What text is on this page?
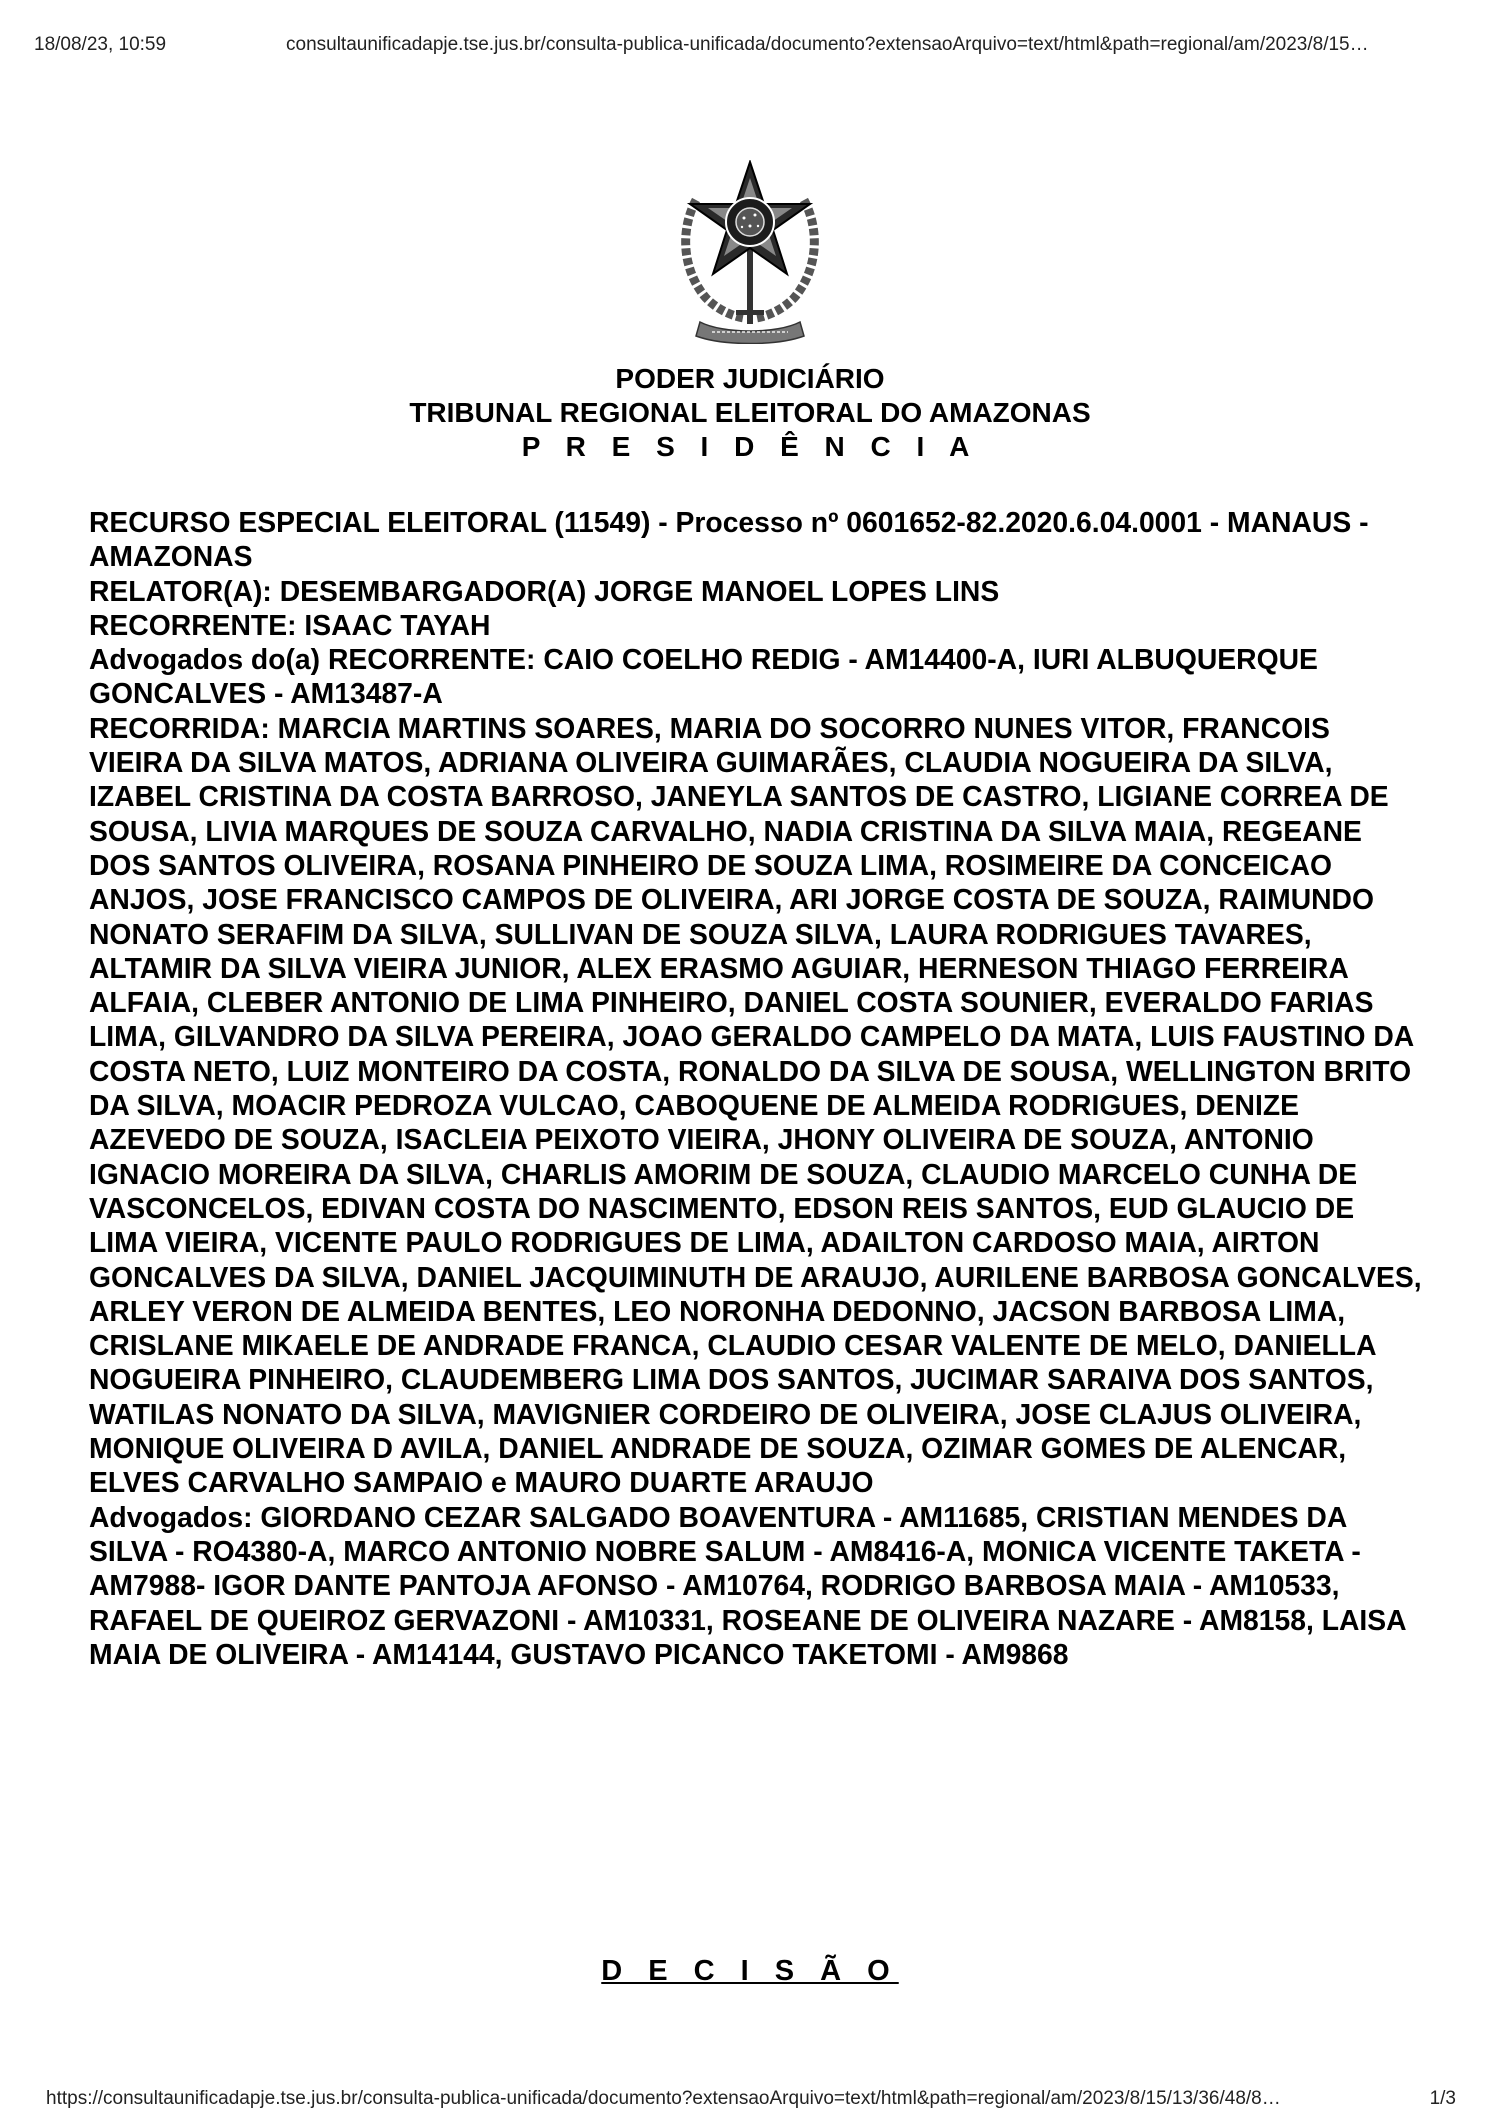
18/08/23, 10:59	consultaunificadapje.tse.jus.br/consulta-publica-unificada/documento?extensaoArquivo=text/html&path=regional/am/2023/8/15…
PODER JUDICIÁRIO
TRIBUNAL REGIONAL ELEITORAL DO AMAZONAS
P R E S I D Ê N C I A

RECURSO ESPECIAL ELEITORAL (11549) - Processo nº 0601652-82.2020.6.04.0001 - MANAUS - AMAZONAS

RELATOR(A): DESEMBARGADOR(A) JORGE MANOEL LOPES LINS

RECORRENTE: ISAAC TAYAH

Advogados do(a) RECORRENTE: CAIO COELHO REDIG - AM14400-A, IURI ALBUQUERQUE GONCALVES - AM13487-A

RECORRIDA: MARCIA MARTINS SOARES, MARIA DO SOCORRO NUNES VITOR, FRANCOIS VIEIRA DA SILVA MATOS, ADRIANA OLIVEIRA GUIMARÃES, CLAUDIA NOGUEIRA DA SILVA, IZABEL CRISTINA DA COSTA BARROSO, JANEYLA SANTOS DE CASTRO, LIGIANE CORREA DE SOUSA, LIVIA MARQUES DE SOUZA CARVALHO, NADIA CRISTINA DA SILVA MAIA, REGEANE DOS SANTOS OLIVEIRA, ROSANA PINHEIRO DE SOUZA LIMA, ROSIMEIRE DA CONCEICAO ANJOS, JOSE FRANCISCO CAMPOS DE OLIVEIRA, ARI JORGE COSTA DE SOUZA, RAIMUNDO NONATO SERAFIM DA SILVA, SULLIVAN DE SOUZA SILVA, LAURA RODRIGUES TAVARES, ALTAMIR DA SILVA VIEIRA JUNIOR, ALEX ERASMO AGUIAR, HERNESON THIAGO FERREIRA ALFAIA, CLEBER ANTONIO DE LIMA PINHEIRO, DANIEL COSTA SOUNIER, EVERALDO FARIAS LIMA, GILVANDRO DA SILVA PEREIRA, JOAO GERALDO CAMPELO DA MATA, LUIS FAUSTINO DA COSTA NETO, LUIZ MONTEIRO DA COSTA, RONALDO DA SILVA DE SOUSA, WELLINGTON BRITO DA SILVA, MOACIR PEDROZA VULCAO, CABOQUENE DE ALMEIDA RODRIGUES, DENIZE AZEVEDO DE SOUZA, ISACLEIA PEIXOTO VIEIRA, JHONY OLIVEIRA DE SOUZA, ANTONIO IGNACIO MOREIRA DA SILVA, CHARLIS AMORIM DE SOUZA, CLAUDIO MARCELO CUNHA DE VASCONCELOS, EDIVAN COSTA DO NASCIMENTO, EDSON REIS SANTOS, EUD GLAUCIO DE LIMA VIEIRA, VICENTE PAULO RODRIGUES DE LIMA, ADAILTON CARDOSO MAIA, AIRTON GONCALVES DA SILVA, DANIEL JACQUIMINUTH DE ARAUJO, AURILENE BARBOSA GONCALVES, ARLEY VERON DE ALMEIDA BENTES, LEO NORONHA DEDONNO, JACSON BARBOSA LIMA, CRISLANE MIKAELE DE ANDRADE FRANCA, CLAUDIO CESAR VALENTE DE MELO, DANIELLA NOGUEIRA PINHEIRO, CLAUDEMBERG LIMA DOS SANTOS, JUCIMAR SARAIVA DOS SANTOS, WATILAS NONATO DA SILVA, MAVIGNIER CORDEIRO DE OLIVEIRA, JOSE CLAJUS OLIVEIRA, MONIQUE OLIVEIRA D AVILA, DANIEL ANDRADE DE SOUZA, OZIMAR GOMES DE ALENCAR, ELVES CARVALHO SAMPAIO e MAURO DUARTE ARAUJO

Advogados: GIORDANO CEZAR SALGADO BOAVENTURA - AM11685, CRISTIAN MENDES DA SILVA - RO4380-A, MARCO ANTONIO NOBRE SALUM - AM8416-A, MONICA VICENTE TAKETA - AM7988- IGOR DANTE PANTOJA AFONSO - AM10764, RODRIGO BARBOSA MAIA - AM10533, RAFAEL DE QUEIROZ GERVAZONI - AM10331, ROSEANE DE OLIVEIRA NAZARE - AM8158, LAISA MAIA DE OLIVEIRA - AM14144, GUSTAVO PICANCO TAKETOMI - AM9868

D E C I S Ã O
https://consultaunificadapje.tse.jus.br/consulta-publica-unificada/documento?extensaoArquivo=text/html&path=regional/am/2023/8/15/13/36/48/8…	1/3
